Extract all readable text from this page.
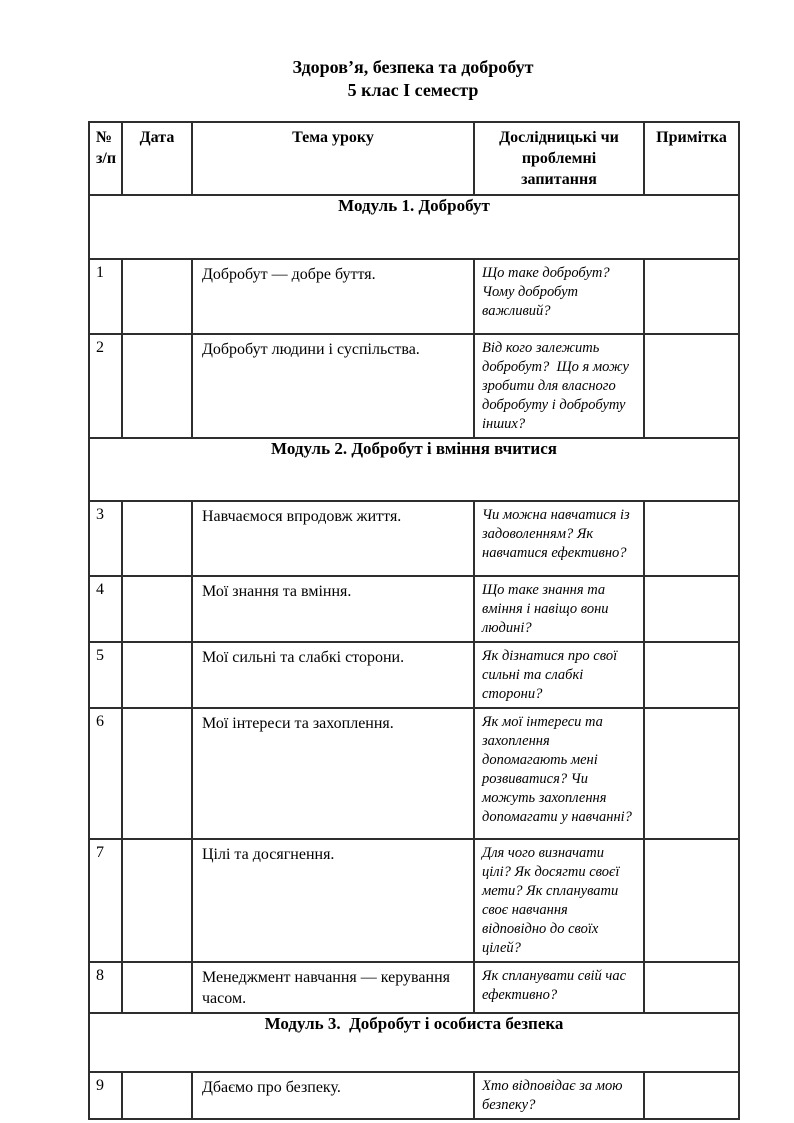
Здоров’я, безпека та добробут
5 клас І семестр
№ з/п	Дата	Тема уроку	Дослідницькі чи проблемні запитання	Примітка
Модуль 1. Добробут				
1		Добробут — добре буття.	Що таке добробут? Чому добробут важливий?	
2		Добробут людини і суспільства.	Від кого залежить добробут?  Що я можу зробити для власного добробуту і добробуту інших?	
Модуль 2. Добробут і вміння вчитися				
3		Навчаємося впродовж життя.	Чи можна навчатися із задоволенням? Як навчатися ефективно?	
4		Мої знання та вміння.	Що таке знання та вміння і навіщо вони людині?	
5		Мої сильні та слабкі сторони.	Як дізнатися про свої сильні та слабкі сторони?	
6		Мої інтереси та захоплення.	Як мої інтереси та захоплення допомагають мені розвиватися? Чи можуть захоплення допомагати у навчанні?	
7		Цілі та досягнення.	Для чого визначати цілі? Як досягти своєї мети? Як спланувати своє навчання відповідно до своїх цілей?	
8		Менеджмент навчання — керування часом.	Як спланувати свій час ефективно?	
Модуль 3.  Добробут і особиста безпека				
9		Дбаємо про безпеку.	Хто відповідає за мою безпеку?	
